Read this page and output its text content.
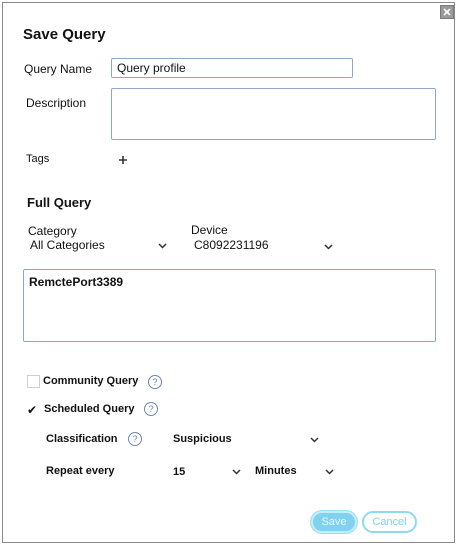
Save Query
Query Name
Query profile
Description
Tags
Full Query
Category
All Categories
Device
C8092231196
RemctePort3389
Community Query	?
✔ Scheduled Query	?
Classification	?	Suspicious
Repeat every	15	Minutes
Save	Cancel
